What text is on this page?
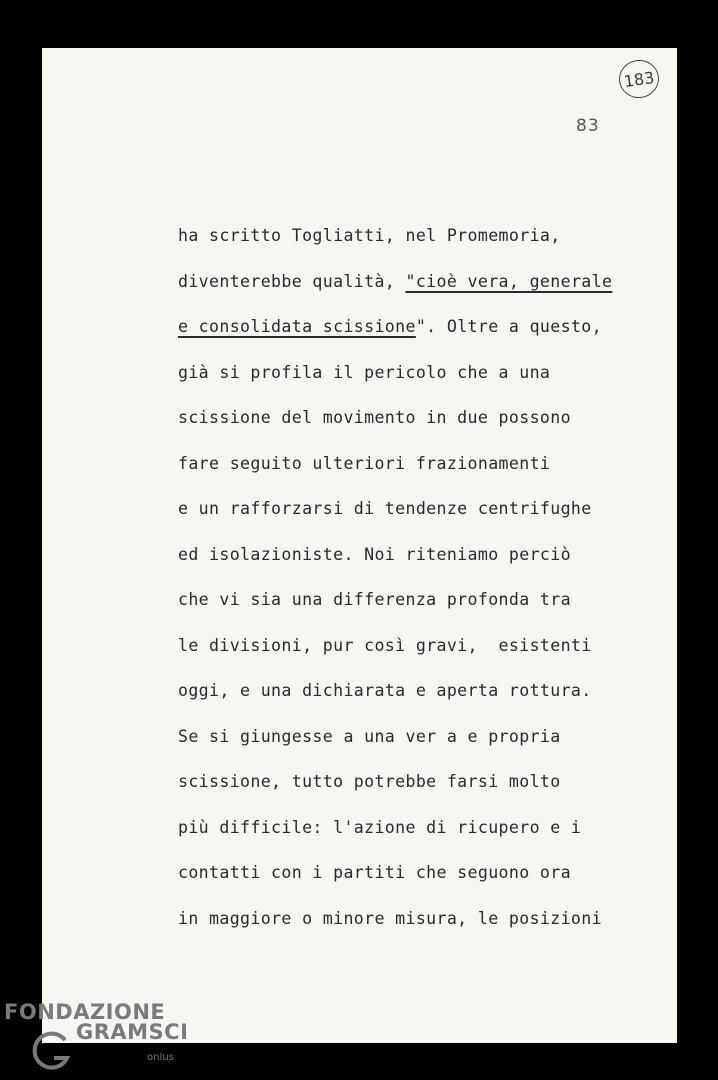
183
83
ha scritto Togliatti, nel Promemoria,
diventerebbe qualità, "cioè vera, generale
e consolidata scissione". Oltre a questo,
già si profila il pericolo che a una
scissione del movimento in due possono
fare seguito ulteriori frazionamenti
e un rafforzarsi di tendenze centrifughe
ed isolazioniste. Noi riteniamo perciò
che vi sia una differenza profonda tra
le divisioni, pur così gravi,  esistenti
oggi, e una dichiarata e aperta rottura.
Se si giungesse a una ver a e propria
scissione, tutto potrebbe farsi molto
più difficile: l'azione di ricupero e i
contatti con i partiti che seguono ora
in maggiore o minore misura, le posizioni
FONDAZIONE
GRAMSCI
onlus
